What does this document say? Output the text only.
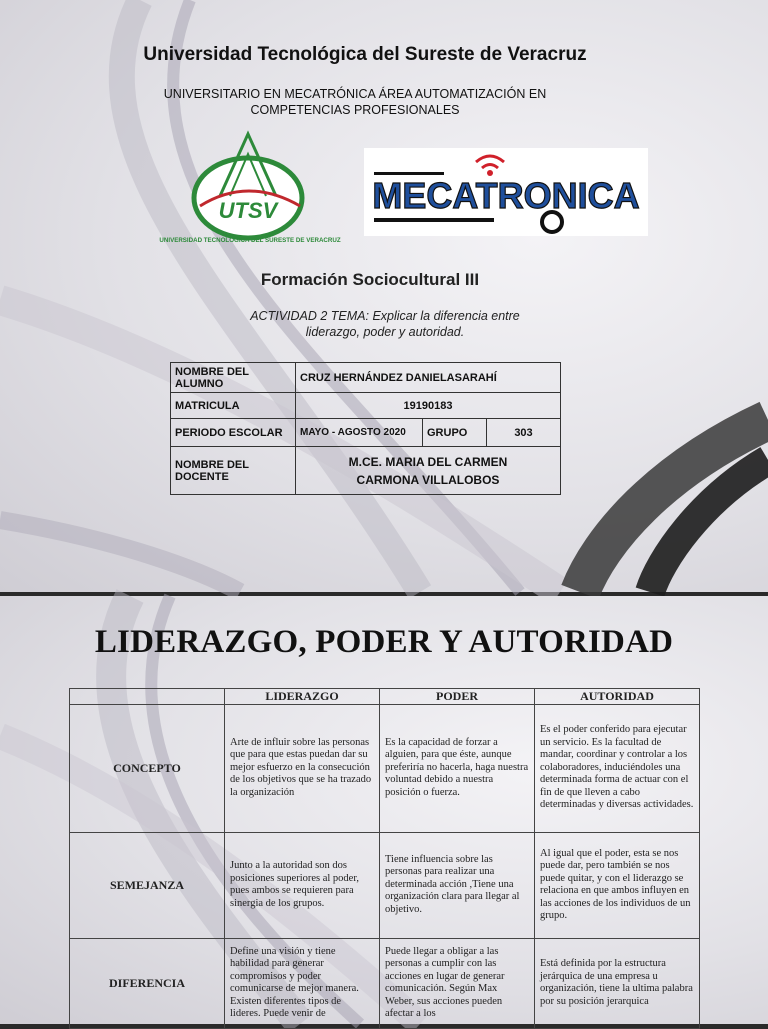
Universidad Tecnológica del Sureste de Veracruz
UNIVERSITARIO EN MECATRÓNICA ÁREA AUTOMATIZACIÓN EN COMPETENCIAS PROFESIONALES
UTSV
UNIVERSIDAD TECNOLOGICA DEL SURESTE DE VERACRUZ
MECATRONICA
Formación Sociocultural III
ACTIVIDAD 2 TEMA: Explicar la diferencia entre liderazgo, poder y autoridad.
NOMBRE DEL ALUMNO	CRUZ HERNÁNDEZ DANIELASARAHÍ		
MATRICULA	19190183		
PERIODO ESCOLAR	MAYO - AGOSTO 2020	GRUPO	303
NOMBRE DEL DOCENTE	M.CE. MARIA DEL CARMEN CARMONA VILLALOBOS		
LIDERAZGO, PODER Y AUTORIDAD
	LIDERAZGO	PODER	AUTORIDAD
CONCEPTO	Arte de influir sobre las personas que para que estas puedan dar su mejor esfuerzo en la consecución de los objetivos que se ha trazado la organización	Es la capacidad de forzar a alguien, para que éste, aunque preferiría no hacerla, haga nuestra voluntad debido a nuestra posición o fuerza.	Es el poder conferido para ejecutar un servicio. Es la facultad de mandar, coordinar y controlar a los colaboradores, induciéndoles una determinada forma de actuar con el fin de que lleven a cabo determinadas y diversas actividades.
SEMEJANZA	Junto a la autoridad son dos posiciones superiores al poder, pues ambos se requieren para sinergia de los grupos.	Tiene influencia sobre las personas para realizar una determinada acción ,Tiene una organización clara para llegar al objetivo.	Al igual que el poder, esta se nos puede dar, pero también se nos puede quitar, y con el liderazgo se relaciona en que ambos influyen en las acciones de los individuos de un grupo.
DIFERENCIA	Define una visión y tiene habilidad para generar compromisos y poder comunicarse de mejor manera. Existen diferentes tipos de lideres. Puede venir de	Puede llegar a obligar a las personas a cumplir con las acciones en lugar de generar comunicación. Según Max Weber, sus acciones pueden afectar a los	Está definida por la estructura jerárquica de una empresa u organización, tiene la ultima palabra por su posición jerarquica
